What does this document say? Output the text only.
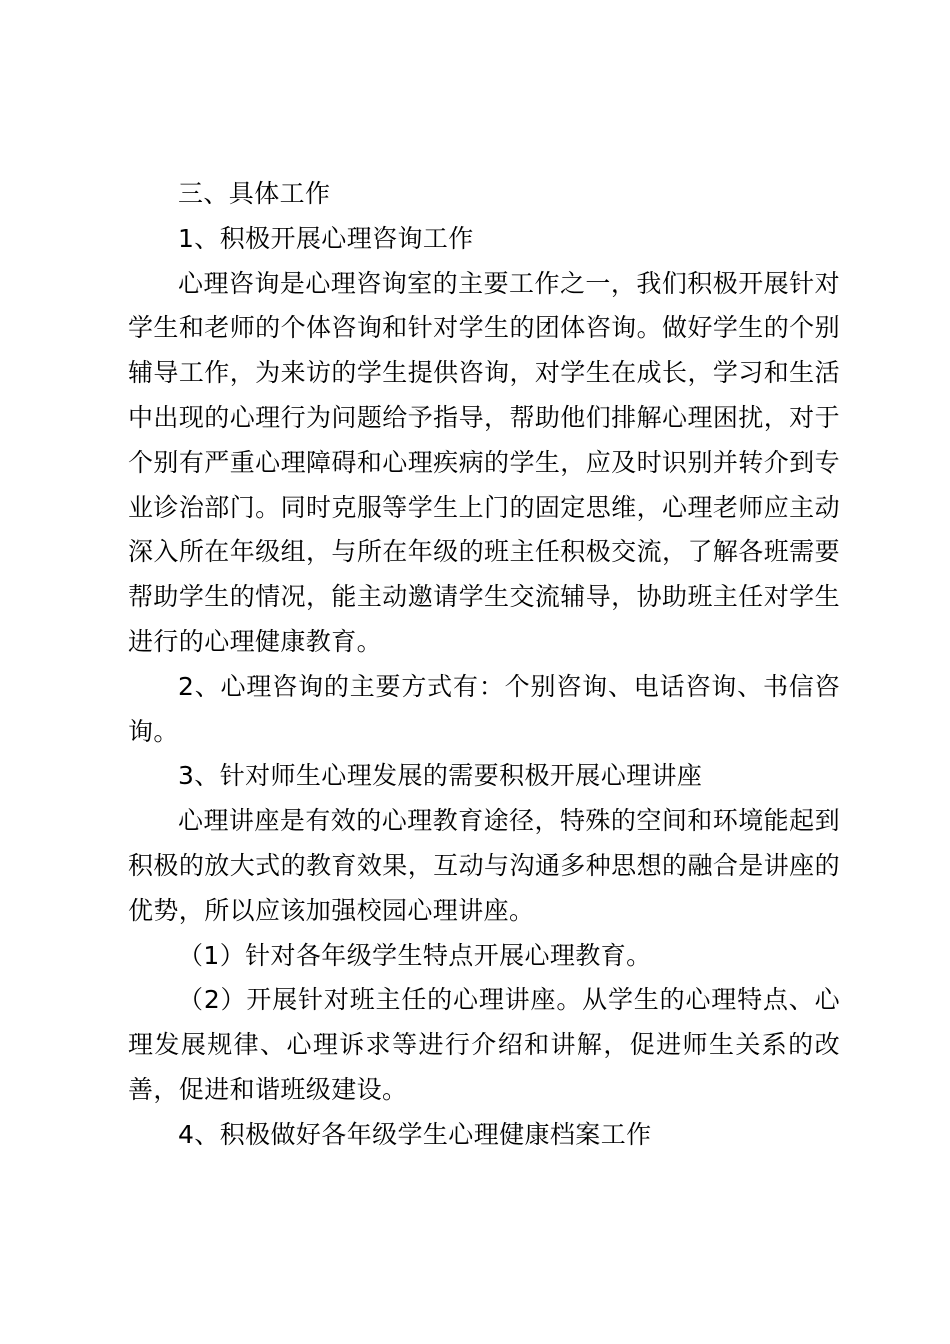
三、具体工作

1、积极开展心理咨询工作

心理咨询是心理咨询室的主要工作之一，我们积极开展针对学生和老师的个体咨询和针对学生的团体咨询。做好学生的个别辅导工作，为来访的学生提供咨询，对学生在成长，学习和生活中出现的心理行为问题给予指导，帮助他们排解心理困扰，对于个别有严重心理障碍和心理疾病的学生，应及时识别并转介到专业诊治部门。同时克服等学生上门的固定思维，心理老师应主动深入所在年级组，与所在年级的班主任积极交流，了解各班需要帮助学生的情况，能主动邀请学生交流辅导，协助班主任对学生进行的心理健康教育。

2、心理咨询的主要方式有：个别咨询、电话咨询、书信咨询。

3、针对师生心理发展的需要积极开展心理讲座

心理讲座是有效的心理教育途径，特殊的空间和环境能起到积极的放大式的教育效果，互动与沟通多种思想的融合是讲座的优势，所以应该加强校园心理讲座。

（1）针对各年级学生特点开展心理教育。

（2）开展针对班主任的心理讲座。从学生的心理特点、心理发展规律、心理诉求等进行介绍和讲解，促进师生关系的改善，促进和谐班级建设。

4、积极做好各年级学生心理健康档案工作
